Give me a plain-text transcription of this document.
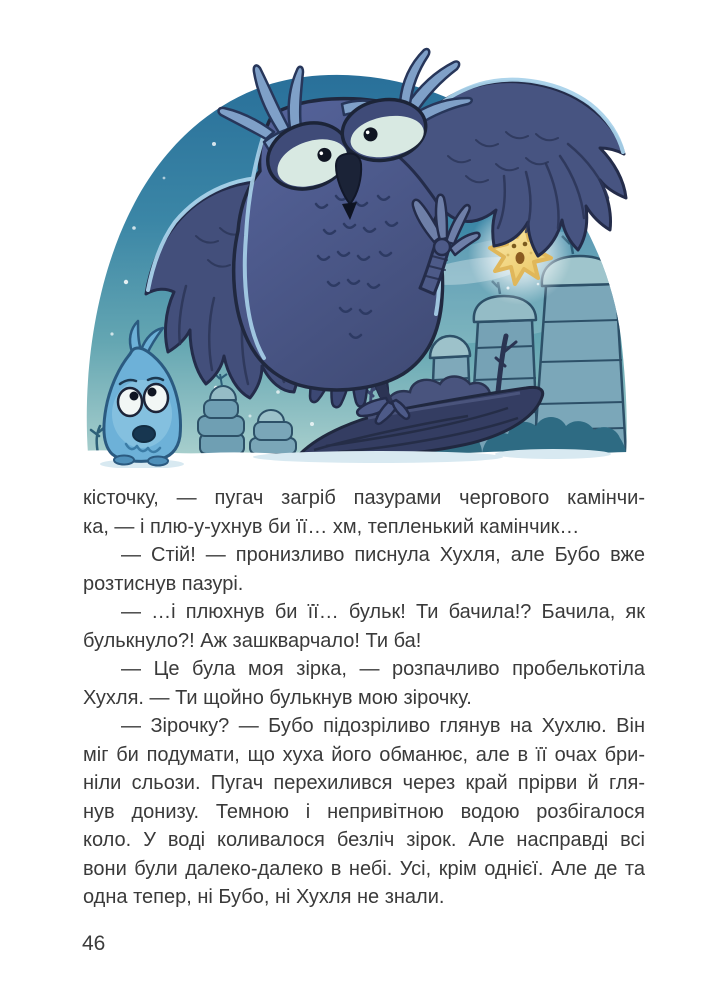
кісточку, — пугач загріб пазурами чергового камінчи-
ка, — і плю-у-ухнув би її… хм, тепленький камінчик…
— Стій! — пронизливо писнула Хухля, але Бубо вже
розтиснув пазурі.
— …і плюхнув би її… бульк! Ти бачила!? Бачила, як
булькнуло?! Аж зашкварчало! Ти ба!
— Це була моя зірка, — розпачливо пробелькотіла
Хухля. — Ти щойно булькнув мою зірочку.
— Зірочку? — Бубо підозріливо глянув на Хухлю. Він
міг би подумати, що хуха його обманює, але в її очах бри-
ніли сльози. Пугач перехилився через край прірви й гля-
нув донизу. Темною і непривітною водою розбігалося
коло. У воді коливалося безліч зірок. Але насправді всі
вони були далеко-далеко в небі. Усі, крім однієї. Але де та
одна тепер, ні Бубо, ні Хухля не знали.
46
